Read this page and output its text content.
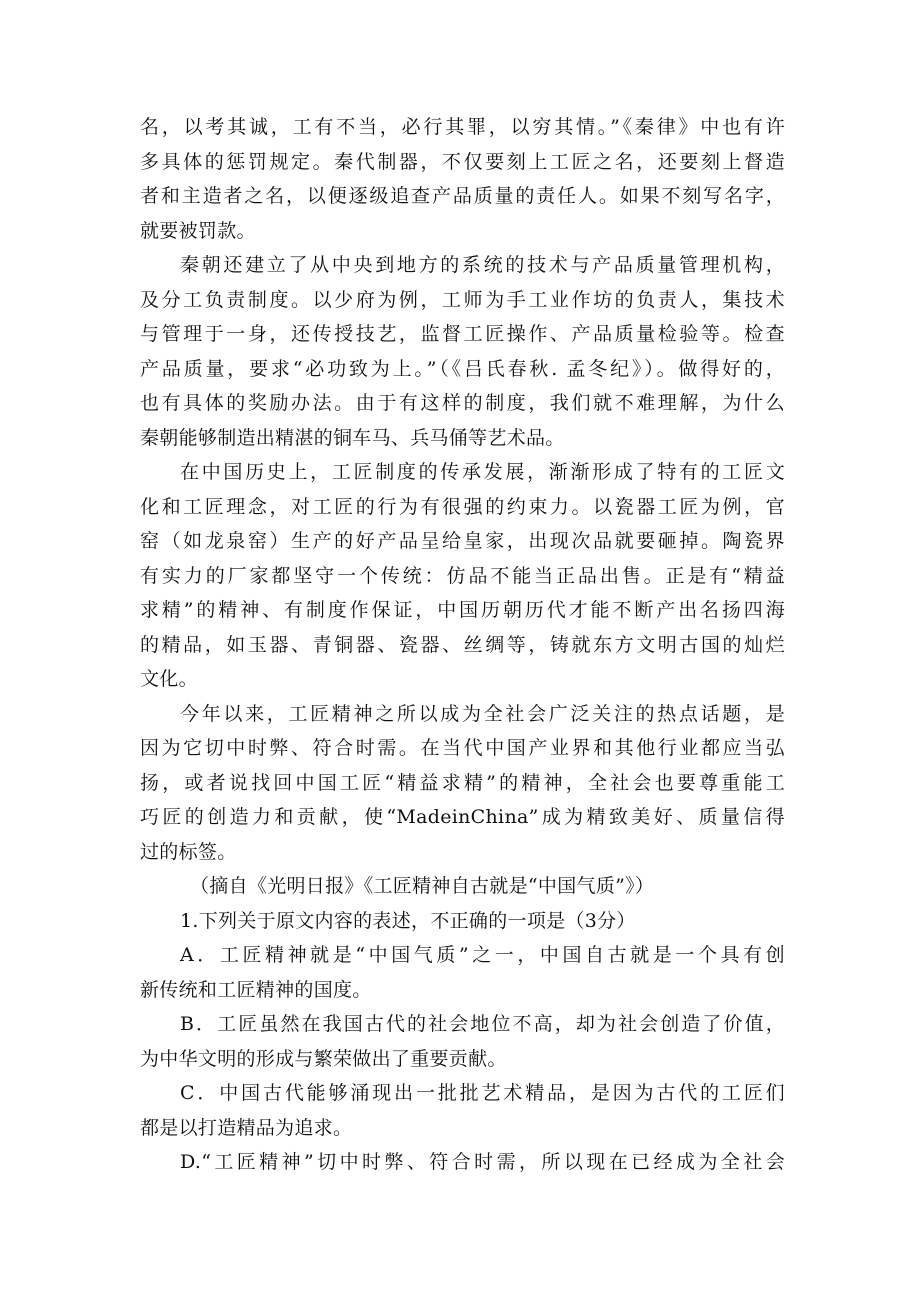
名，以考其诚，工有不当，必行其罪，以穷其情。”《秦律》中也有许
多具体的惩罚规定。秦代制器，不仅要刻上工匠之名，还要刻上督造
者和主造者之名，以便逐级追查产品质量的责任人。如果不刻写名字，
就要被罚款。
秦朝还建立了从中央到地方的系统的技术与产品质量管理机构，
及分工负责制度。以少府为例，工师为手工业作坊的负责人，集技术
与管理于一身，还传授技艺，监督工匠操作、产品质量检验等。检查
产品质量，要求“必功致为上。”（《吕氏春秋. 孟冬纪》）。做得好的，
也有具体的奖励办法。由于有这样的制度，我们就不难理解，为什么
秦朝能够制造出精湛的铜车马、兵马俑等艺术品。
在中国历史上，工匠制度的传承发展，渐渐形成了特有的工匠文
化和工匠理念，对工匠的行为有很强的约束力。以瓷器工匠为例，官
窑（如龙泉窑）生产的好产品呈给皇家，出现次品就要砸掉。陶瓷界
有实力的厂家都坚守一个传统：仿品不能当正品出售。正是有“精益
求精”的精神、有制度作保证，中国历朝历代才能不断产出名扬四海
的精品，如玉器、青铜器、瓷器、丝绸等，铸就东方文明古国的灿烂
文化。
今年以来，工匠精神之所以成为全社会广泛关注的热点话题，是
因为它切中时弊、符合时需。在当代中国产业界和其他行业都应当弘
扬，或者说找回中国工匠“精益求精”的精神，全社会也要尊重能工
巧匠的创造力和贡献，使“MadeinChina”成为精致美好、质量信得
过的标签。
（摘自《光明日报》《工匠精神自古就是“中国气质”》）
1.下列关于原文内容的表述，不正确的一项是（3分）
A．工匠精神就是“中国气质”之一，中国自古就是一个具有创
新传统和工匠精神的国度。
B．工匠虽然在我国古代的社会地位不高，却为社会创造了价值，
为中华文明的形成与繁荣做出了重要贡献。
C．中国古代能够涌现出一批批艺术精品，是因为古代的工匠们
都是以打造精品为追求。
D.“工匠精神”切中时弊、符合时需，所以现在已经成为全社会
